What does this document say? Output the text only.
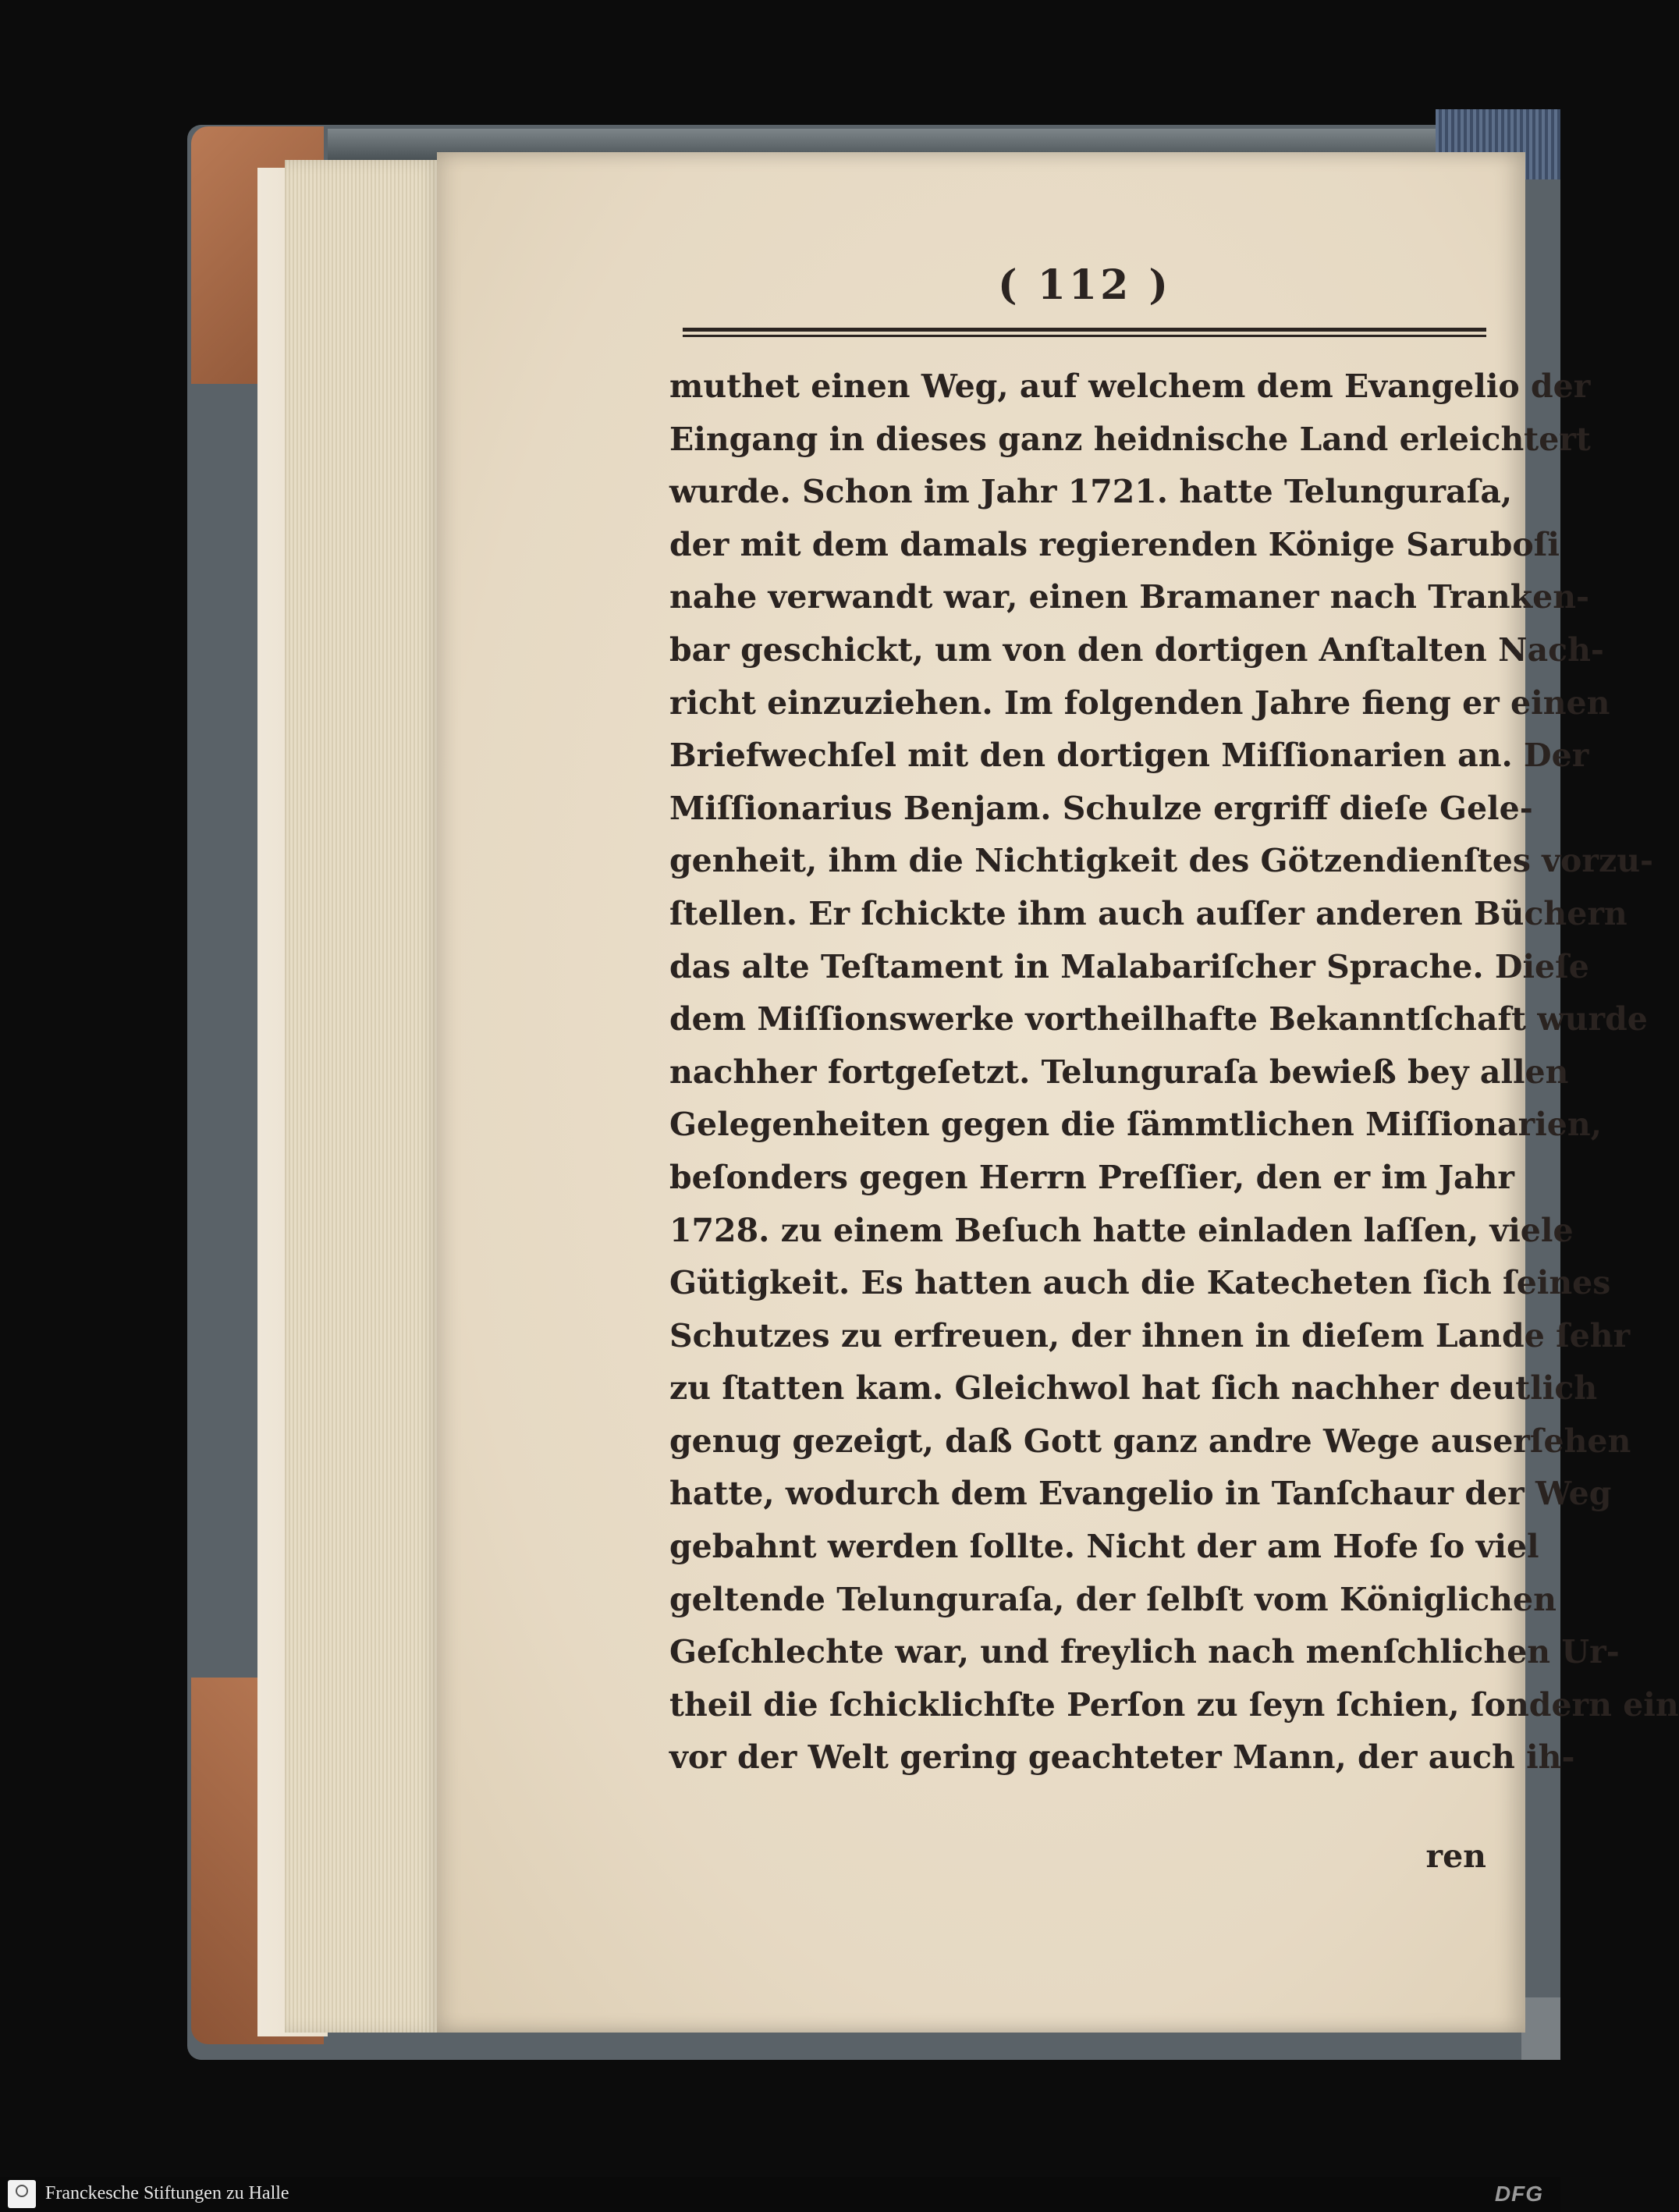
( 112 )
muthet einen Weg, auf welchem dem Evangelio der
Eingang in dieses ganz heidnische Land erleichtert
wurde. Schon im Jahr 1721. hatte Telunguraſa,
der mit dem damals regierenden Könige Saruboſi
nahe verwandt war, einen Bramaner nach Tranken-
bar geschickt, um von den dortigen Anſtalten Nach-
richt einzuziehen. Im folgenden Jahre fieng er einen
Briefwechſel mit den dortigen Miſſionarien an. Der
Miſſionarius Benjam. Schulze ergriff dieſe Gele-
genheit, ihm die Nichtigkeit des Götzendienſtes vorzu-
ſtellen. Er ſchickte ihm auch auſſer anderen Büchern
das alte Teſtament in Malabariſcher Sprache. Dieſe
dem Miſſionswerke vortheilhafte Bekanntſchaft wurde
nachher fortgeſetzt. Telunguraſa bewieß bey allen
Gelegenheiten gegen die ſämmtlichen Miſſionarien,
beſonders gegen Herrn Preſſier, den er im Jahr
1728. zu einem Beſuch hatte einladen laſſen, viele
Gütigkeit. Es hatten auch die Katecheten ſich ſeines
Schutzes zu erfreuen, der ihnen in dieſem Lande ſehr
zu ſtatten kam. Gleichwol hat ſich nachher deutlich
genug gezeigt, daß Gott ganz andre Wege auserſehen
hatte, wodurch dem Evangelio in Tanſchaur der Weg
gebahnt werden ſollte. Nicht der am Hofe ſo viel
geltende Telunguraſa, der ſelbſt vom Königlichen
Geſchlechte war, und freylich nach menſchlichen Ur-
theil die ſchicklichſte Perſon zu ſeyn ſchien, ſondern ein
vor der Welt gering geachteter Mann, der auch ih-
ren
Franckesche Stiftungen zu Halle	DFG
